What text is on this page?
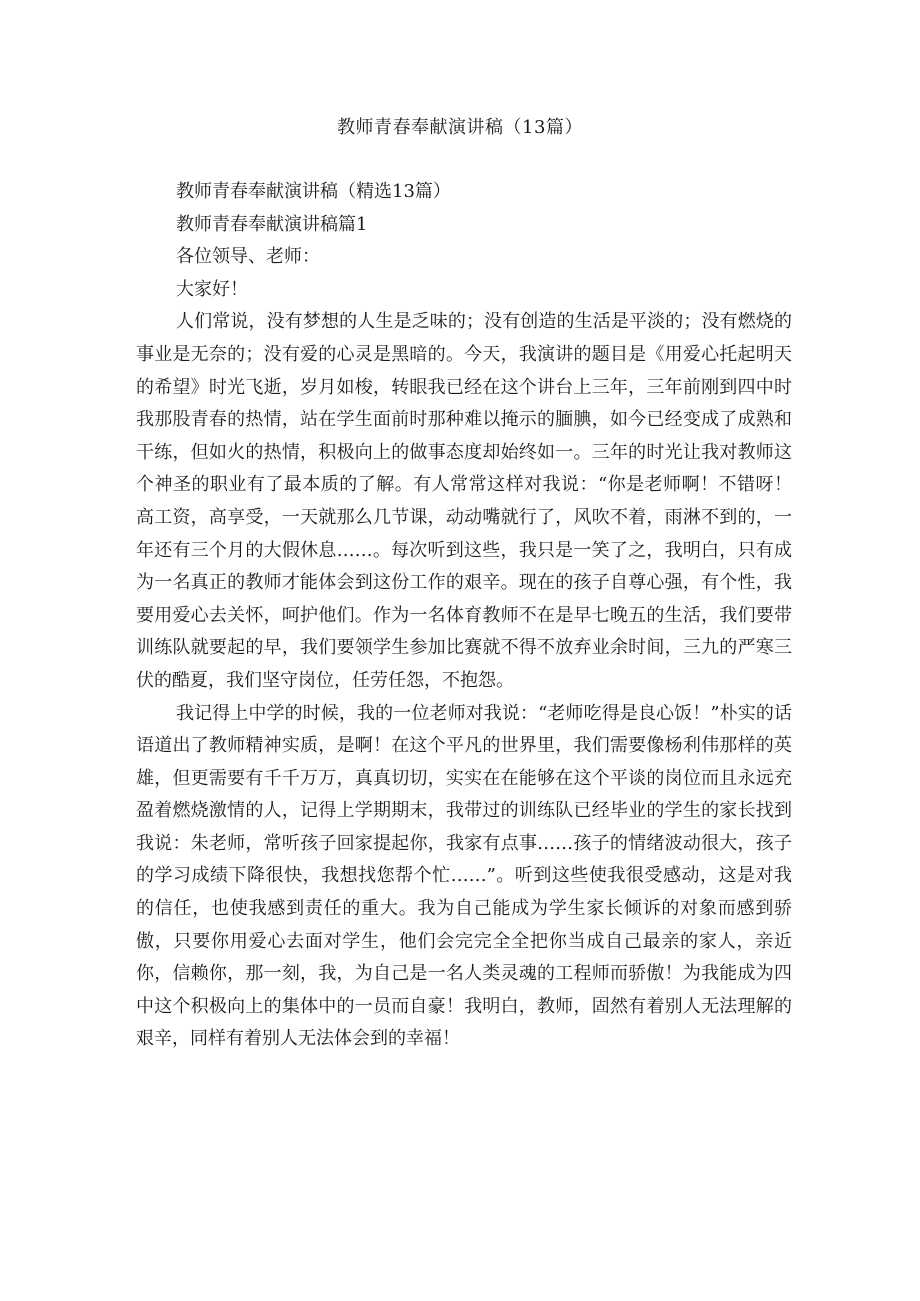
教师青春奉献演讲稿（13篇）

教师青春奉献演讲稿（精选13篇）

教师青春奉献演讲稿篇1

各位领导、老师：

大家好！

人们常说，没有梦想的人生是乏味的；没有创造的生活是平淡的；没有燃烧的事业是无奈的；没有爱的心灵是黑暗的。今天，我演讲的题目是《用爱心托起明天的希望》时光飞逝，岁月如梭，转眼我已经在这个讲台上三年，三年前刚到四中时我那股青春的热情，站在学生面前时那种难以掩示的腼腆，如今已经变成了成熟和干练，但如火的热情，积极向上的做事态度却始终如一。三年的时光让我对教师这个神圣的职业有了最本质的了解。有人常常这样对我说：“你是老师啊！不错呀！高工资，高享受，一天就那么几节课，动动嘴就行了，风吹不着，雨淋不到的，一年还有三个月的大假休息……。每次听到这些，我只是一笑了之，我明白，只有成为一名真正的教师才能体会到这份工作的艰辛。现在的孩子自尊心强，有个性，我要用爱心去关怀，呵护他们。作为一名体育教师不在是早七晚五的生活，我们要带训练队就要起的早，我们要领学生参加比赛就不得不放弃业余时间，三九的严寒三伏的酷夏，我们坚守岗位，任劳任怨，不抱怨。

我记得上中学的时候，我的一位老师对我说：“老师吃得是良心饭！”朴实的话语道出了教师精神实质，是啊！在这个平凡的世界里，我们需要像杨利伟那样的英雄，但更需要有千千万万，真真切切，实实在在能够在这个平谈的岗位而且永远充盈着燃烧激情的人，记得上学期期末，我带过的训练队已经毕业的学生的家长找到我说：朱老师，常听孩子回家提起你，我家有点事……孩子的情绪波动很大，孩子的学习成绩下降很快，我想找您帮个忙……”。听到这些使我很受感动，这是对我的信任，也使我感到责任的重大。我为自己能成为学生家长倾诉的对象而感到骄傲，只要你用爱心去面对学生，他们会完完全全把你当成自己最亲的家人，亲近你，信赖你，那一刻，我，为自己是一名人类灵魂的工程师而骄傲！为我能成为四中这个积极向上的集体中的一员而自豪！我明白，教师，固然有着别人无法理解的艰辛，同样有着别人无法体会到的幸福！
